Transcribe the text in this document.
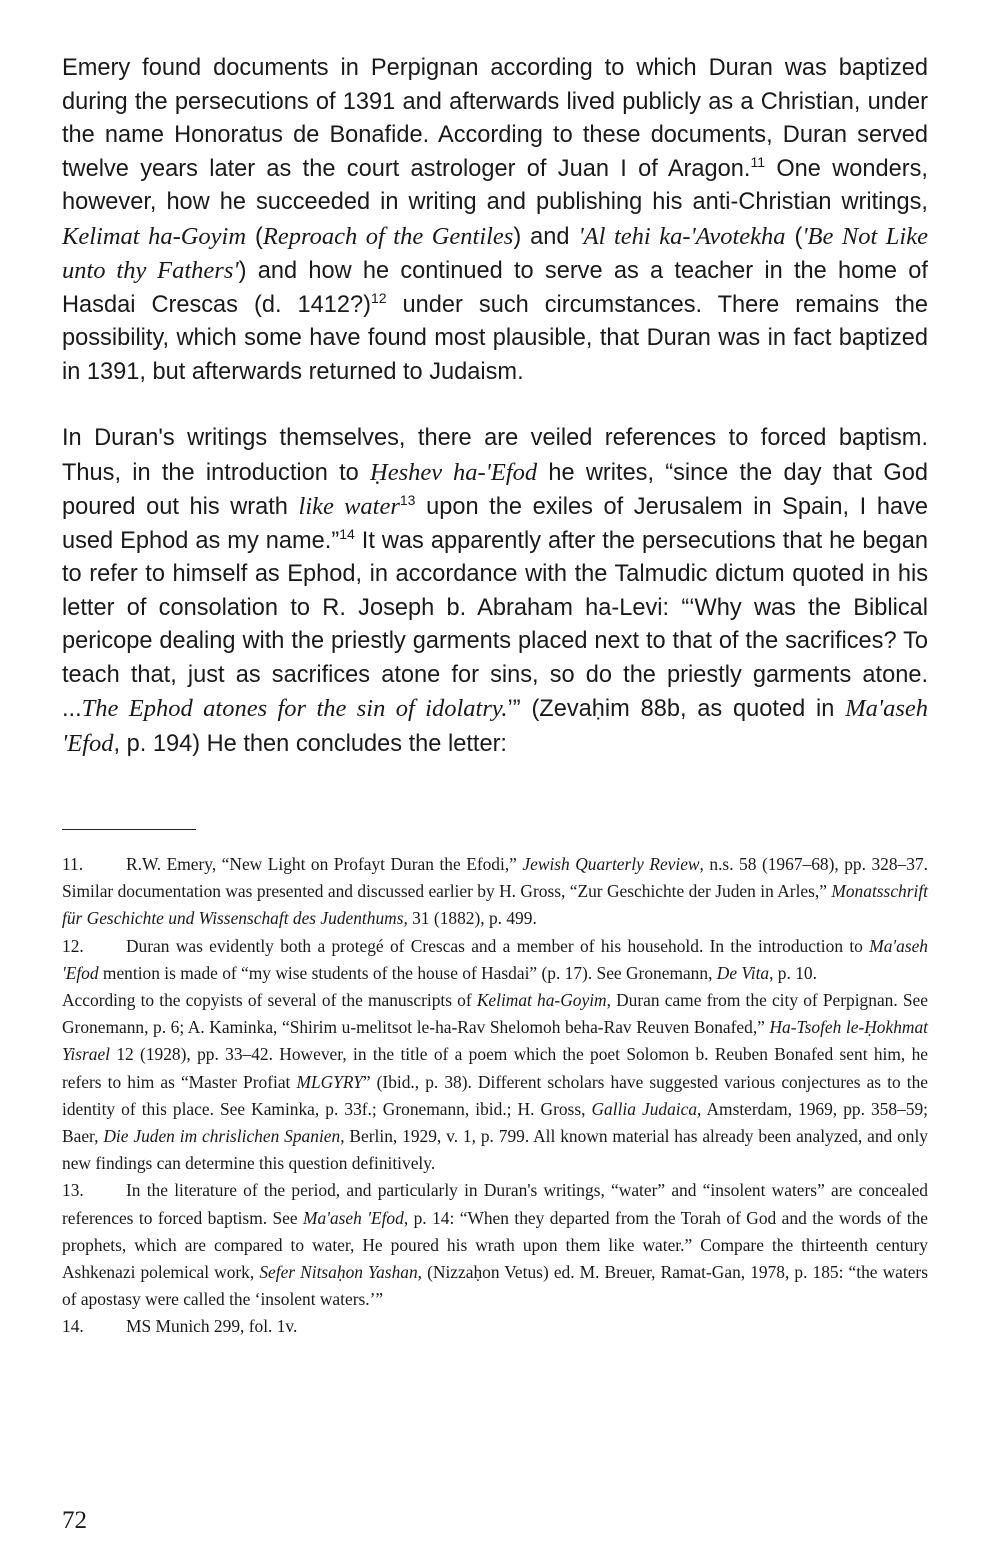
Emery found documents in Perpignan according to which Duran was baptized during the persecutions of 1391 and afterwards lived publicly as a Christian, under the name Honoratus de Bonafide. According to these documents, Duran served twelve years later as the court astrologer of Juan I of Aragon.$^{11}$ One wonders, however, how he succeeded in writing and publishing his anti-Christian writings, Kelimat ha-Goyim (Reproach of the Gentiles) and 'Al tehi ka-'Avotekha ('Be Not Like unto thy Fathers') and how he continued to serve as a teacher in the home of Hasdai Crescas (d. 1412?)$^{12}$ under such circumstances. There remains the possibility, which some have found most plausible, that Duran was in fact baptized in 1391, but afterwards returned to Judaism.

In Duran's writings themselves, there are veiled references to forced baptism. Thus, in the introduction to Ḥeshev ha-'Efod he writes, “since the day that God poured out his wrath like water$^{13}$ upon the exiles of Jerusalem in Spain, I have used Ephod as my name.”$^{14}$ It was apparently after the persecutions that he began to refer to himself as Ephod, in accordance with the Talmudic dictum quoted in his letter of consolation to R. Joseph b. Abraham ha-Levi: “‘Why was the Biblical pericope dealing with the priestly garments placed next to that of the sacrifices? To teach that, just as sacrifices atone for sins, so do the priestly garments atone. ...The Ephod atones for the sin of idolatry.’” (Zevaḥim 88b, as quoted in Ma'aseh 'Efod, p. 194) He then concludes the letter:

11. R.W. Emery, “New Light on Profayt Duran the Efodi,” Jewish Quarterly Review, n.s. 58 (1967–68), pp. 328–37. Similar documentation was presented and discussed earlier by H. Gross, “Zur Geschichte der Juden in Arles,” Monatsschrift für Geschichte und Wissenschaft des Judenthums, 31 (1882), p. 499.

12. Duran was evidently both a protegé of Crescas and a member of his household. In the introduction to Ma'aseh 'Efod mention is made of “my wise students of the house of Hasdai” (p. 17). See Gronemann, De Vita, p. 10.

According to the copyists of several of the manuscripts of Kelimat ha-Goyim, Duran came from the city of Perpignan. See Gronemann, p. 6; A. Kaminka, “Shirim u-melitsot le-ha-Rav Shelomoh beha-Rav Reuven Bonafed,” Ha-Tsofeh le-Ḥokhmat Yisrael 12 (1928), pp. 33–42. However, in the title of a poem which the poet Solomon b. Reuben Bonafed sent him, he refers to him as “Master Profiat MLGYRY” (Ibid., p. 38). Different scholars have suggested various conjectures as to the identity of this place. See Kaminka, p. 33f.; Gronemann, ibid.; H. Gross, Gallia Judaica, Amsterdam, 1969, pp. 358–59; Baer, Die Juden im chrislichen Spanien, Berlin, 1929, v. 1, p. 799. All known material has already been analyzed, and only new findings can determine this question definitively.

13. In the literature of the period, and particularly in Duran's writings, “water” and “insolent waters” are concealed references to forced baptism. See Ma'aseh 'Efod, p. 14: “When they departed from the Torah of God and the words of the prophets, which are compared to water, He poured his wrath upon them like water.” Compare the thirteenth century Ashkenazi polemical work, Sefer Nitsaḥon Yashan, (Nizzaḥon Vetus) ed. M. Breuer, Ramat-Gan, 1978, p. 185: “the waters of apostasy were called the ‘insolent waters.’”

14. MS Munich 299, fol. 1v.

72
